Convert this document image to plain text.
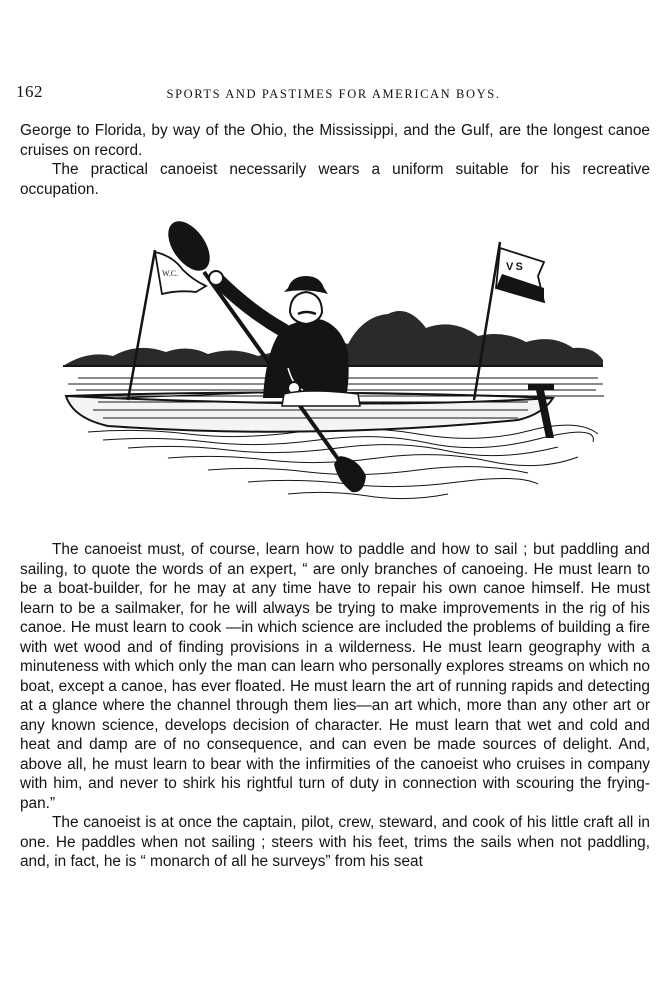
162	SPORTS AND PASTIMES FOR AMERICAN BOYS.

George to Florida, by way of the Ohio, the Mississippi, and the Gulf, are the longest canoe cruises on record.

The practical canoeist necessarily wears a uniform suitable for his recreative occupation.

W.C.
V S

The canoeist must, of course, learn how to paddle and how to sail ; but paddling and sailing, to quote the words of an expert, “ are only branches of canoeing. He must learn to be a boat-builder, for he may at any time have to repair his own canoe himself. He must learn to be a sailmaker, for he will always be trying to make improvements in the rig of his canoe. He must learn to cook —in which science are included the problems of building a fire with wet wood and of finding provisions in a wilderness. He must learn geography with a minuteness with which only the man can learn who personally explores streams on which no boat, except a canoe, has ever floated. He must learn the art of running rapids and detecting at a glance where the channel through them lies—an art which, more than any other art or any known science, develops decision of character. He must learn that wet and cold and heat and damp are of no consequence, and can even be made sources of delight. And, above all, he must learn to bear with the infirmities of the canoeist who cruises in company with him, and never to shirk his rightful turn of duty in connection with scouring the frying-pan.”

The canoeist is at once the captain, pilot, crew, steward, and cook of his little craft all in one. He paddles when not sailing ; steers with his feet, trims the sails when not paddling, and, in fact, he is “ monarch of all he surveys” from his seat
